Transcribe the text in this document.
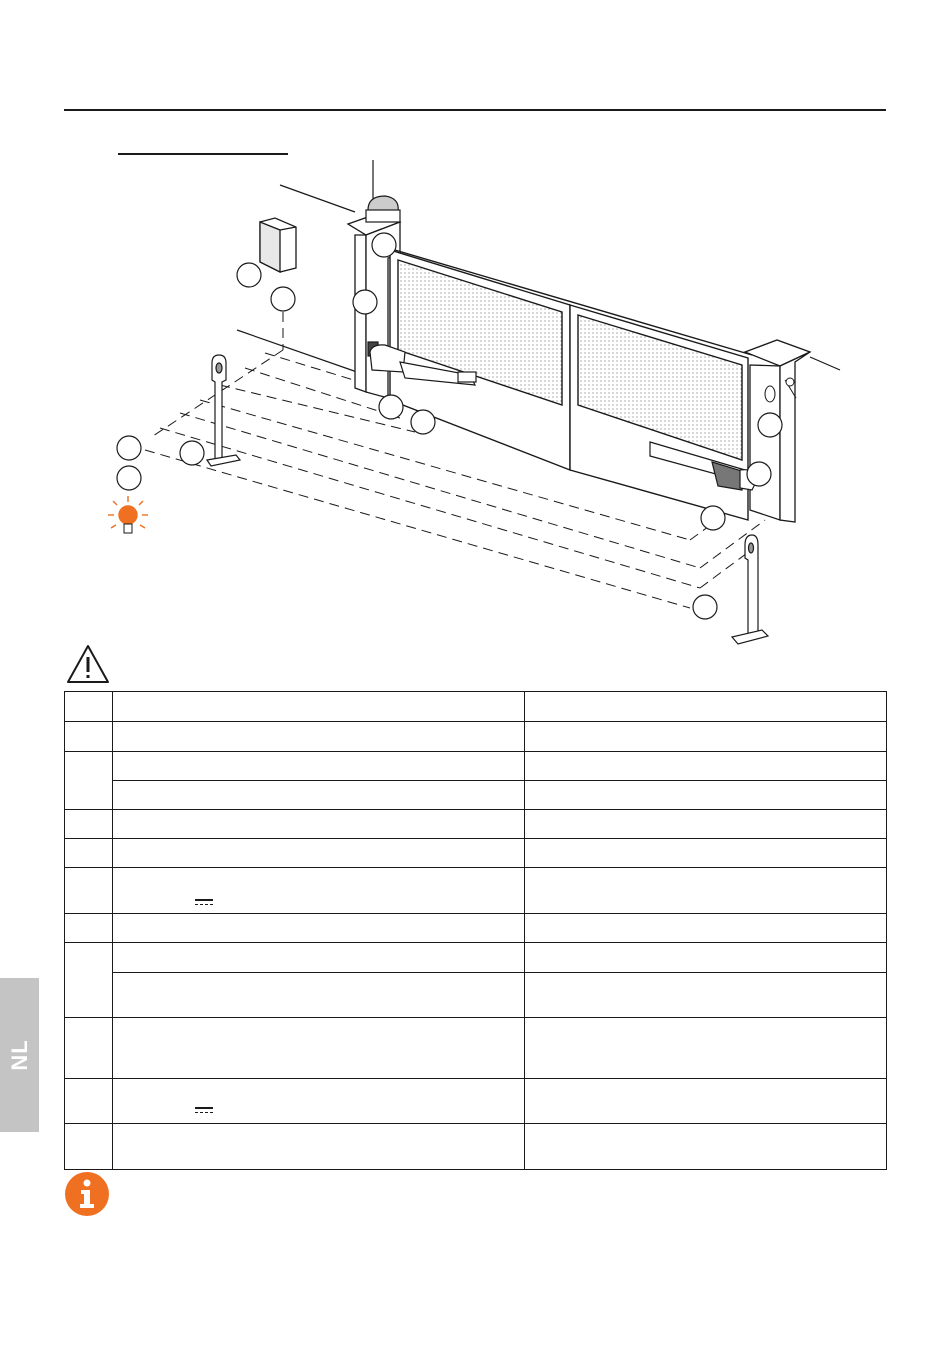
NL
